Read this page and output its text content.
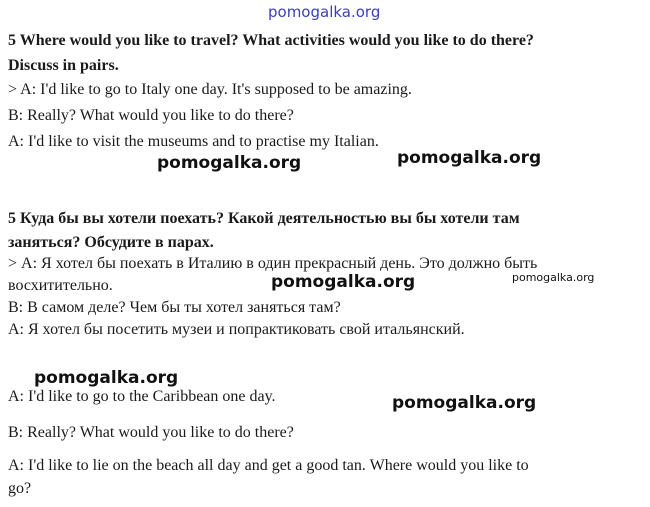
pomogalka.org
5 Where would you like to travel? What activities would you like to do there?
Discuss in pairs.
> A: I'd like to go to Italy one day. It's supposed to be amazing.
B: Really? What would you like to do there?
A: I'd like to visit the museums and to practise my Italian.
pomogalka.org	pomogalka.org
5 Куда бы вы хотели поехать? Какой деятельностью вы бы хотели там
заняться? Обсудите в парах.
> А: Я хотел бы поехать в Италию в один прекрасный день. Это должно быть
восхитительно.
В: В самом деле? Чем бы ты хотел заняться там?
А: Я хотел бы посетить музеи и попрактиковать свой итальянский.
pomogalka.org	pomogalka.org
pomogalka.org
A: I'd like to go to the Caribbean one day.	pomogalka.org
B: Really? What would you like to do there?
A: I'd like to lie on the beach all day and get a good tan. Where would you like to
go?
